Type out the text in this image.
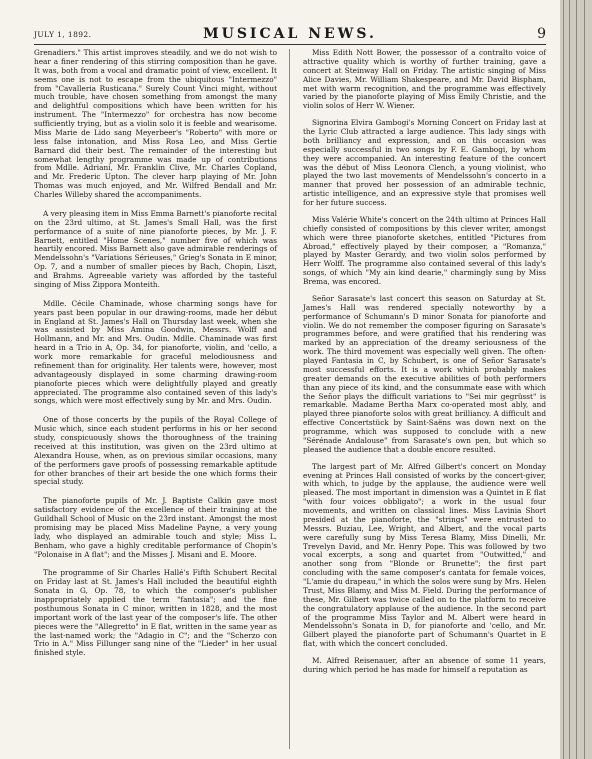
JULY 1, 1892.	MUSICAL NEWS.	9

Grenadiers." This artist improves steadily, and we do not wish to hear a finer rendering of this stirring composition than he gave. It was, both from a vocal and dramatic point of view, excellent. It seems one is not to escape from the ubiquitous "Intermezzo" from "Cavalleria Rusticana." Surely Count Vinci might, without much trouble, have chosen something from amongst the many and delightful compositions which have been written for his instrument. The "Intermezzo" for orchestra has now become sufficiently trying, but as a violin solo it is feeble and wearisome. Miss Marie de Lido sang Meyerbeer's "Roberto" with more or less false intonation, and Miss Rosa Leo, and Miss Gertie Barnard did their best. The remainder of the interesting but somewhat lengthy programme was made up of contributions from Mdlle. Adriani, Mr. Franklin Clive, Mr. Charles Copland, and Mr. Frederic Upton. The clever harp playing of Mr. John Thomas was much enjoyed, and Mr. Wilfred Bendall and Mr. Charles Willeby shared the accompaniments.

A very pleasing item in Miss Emma Barnett's pianoforte recital on the 23rd ultimo, at St. James's Small Hall, was the first performance of a suite of nine pianoforte pieces, by Mr. J. F. Barnett, entitled "Home Scenes," number five of which was heartily encored. Miss Barnett also gave admirable renderings of Mendelssohn's "Variations Sérieuses," Grieg's Sonata in E minor, Op. 7, and a number of smaller pieces by Bach, Chopin, Liszt, and Brahms. Agreeable variety was afforded by the tasteful singing of Miss Zippora Monteith.

Mdlle. Cécile Chaminade, whose charming songs have for years past been popular in our drawing-rooms, made her début in England at St. James's Hall on Thursday last week, when she was assisted by Miss Amina Goodwin, Messrs. Wolff and Hollmann, and Mr. and Mrs. Oudin. Mdlle. Chaminade was first heard in a Trio in A, Op. 34, for pianoforte, violin, and 'cello, a work more remarkable for graceful melodiousness and refinement than for originality. Her talents were, however, most advantageously displayed in some charming drawing-room pianoforte pieces which were delightfully played and greatly appreciated. The programme also contained seven of this lady's songs, which were most effectively sung by Mr. and Mrs. Oudin.

One of those concerts by the pupils of the Royal College of Music which, since each student performs in his or her second study, conspicuously shows the thoroughness of the training received at this institution, was given on the 23rd ultimo at Alexandra House, when, as on previous similar occasions, many of the performers gave proofs of possessing remarkable aptitude for other branches of their art beside the one which forms their special study.

The pianoforte pupils of Mr. J. Baptiste Calkin gave most satisfactory evidence of the excellence of their training at the Guildhall School of Music on the 23rd instant. Amongst the most promising may be placed Miss Madeline Payne, a very young lady, who displayed an admirable touch and style; Miss L. Benham, who gave a highly creditable performance of Chopin's "Polonaise in A flat"; and the Misses J. Misani and E. Moore.

The programme of Sir Charles Hallé's Fifth Schubert Recital on Friday last at St. James's Hall included the beautiful eighth Sonata in G, Op. 78, to which the composer's publisher inappropriately applied the term "fantasia"; and the fine posthumous Sonata in C minor, written in 1828, and the most important work of the last year of the composer's life. The other pieces were the "Allegretto" in E flat, written in the same year as the last-named work; the "Adagio in C"; and the "Scherzo con Trio in A." Miss Fillunger sang nine of the "Lieder" in her usual finished style.

Miss Edith Nott Bower, the possessor of a contralto voice of attractive quality which is worthy of further training, gave a concert at Steinway Hall on Friday. The artistic singing of Miss Alice Davies, Mr. William Shakespeare, and Mr. David Bispham, met with warm recognition, and the programme was effectively varied by the pianoforte playing of Miss Emily Christie, and the violin solos of Herr W. Wiener.

Signorina Elvira Gambogi's Morning Concert on Friday last at the Lyric Club attracted a large audience. This lady sings with both brilliancy and expression, and on this occasion was especially successful in two songs by F. E. Gambogi, by whom they were accompanied. An interesting feature of the concert was the début of Miss Leonora Clench, a young violinist, who played the two last movements of Mendelssohn's concerto in a manner that proved her possession of an admirable technic, artistic intelligence, and an expressive style that promises well for her future success.

Miss Valérie White's concert on the 24th ultimo at Princes Hall chiefly consisted of compositions by this clever writer, amongst which were three pianoforte sketches, entitled "Pictures from Abroad," effectively played by their composer, a "Romanza," played by Master Gerardy, and two violin solos performed by Herr Wolff. The programme also contained several of this lady's songs, of which "My ain kind dearie," charmingly sung by Miss Brema, was encored.

Señor Sarasate's last concert this season on Saturday at St. James's Hall was rendered specially noteworthy by a performance of Schumann's D minor Sonata for pianoforte and violin. We do not remember the composer figuring on Sarasate's programmes before, and were gratified that his rendering was marked by an appreciation of the dreamy seriousness of the work. The third movement was especially well given. The often-played Fantasia in C, by Schubert, is one of Señor Sarasate's most successful efforts. It is a work which probably makes greater demands on the executive abilities of both performers than any piece of its kind, and the consummate ease with which the Señor plays the difficult variations to "Sei mir gegrüsst" is remarkable. Madame Bertha Marx co-operated most ably, and played three pianoforte solos with great brilliancy. A difficult and effective Concertstück by Saint-Saëns was down next on the programme, which was supposed to conclude with a new "Sérénade Andalouse" from Sarasate's own pen, but which so pleased the audience that a double encore resulted.

The largest part of Mr. Alfred Gilbert's concert on Monday evening at Princes Hall consisted of works by the concert-giver, with which, to judge by the applause, the audience were well pleased. The most important in dimension was a Quintet in E flat "with four voices obbligato"; a work in the usual four movements, and written on classical lines. Miss Lavinia Short presided at the pianoforte, the "strings" were entrusted to Messrs. Buziau, Lee, Wright, and Albert, and the vocal parts were carefully sung by Miss Teresa Blamy, Miss Dinelli, Mr. Trevelyn David, and Mr. Henry Pope. This was followed by two vocal excerpts, a song and quartet from "Outwitted," and another song from "Blonde or Brunette"; the first part concluding with the same composer's cantata for female voices, "L'amie du drapeau," in which the solos were sung by Mrs. Helen Trust, Miss Blamy, and Miss M. Field. During the performance of these, Mr. Gilbert was twice called on to the platform to receive the congratulatory applause of the audience. In the second part of the programme Miss Taylor and M. Albert were heard in Mendelssohn's Sonata in D, for pianoforte and 'cello, and Mr. Gilbert played the pianoforte part of Schumann's Quartet in E flat, with which the concert concluded.

M. Alfred Reisenauer, after an absence of some 11 years, during which period he has made for himself a reputation as
